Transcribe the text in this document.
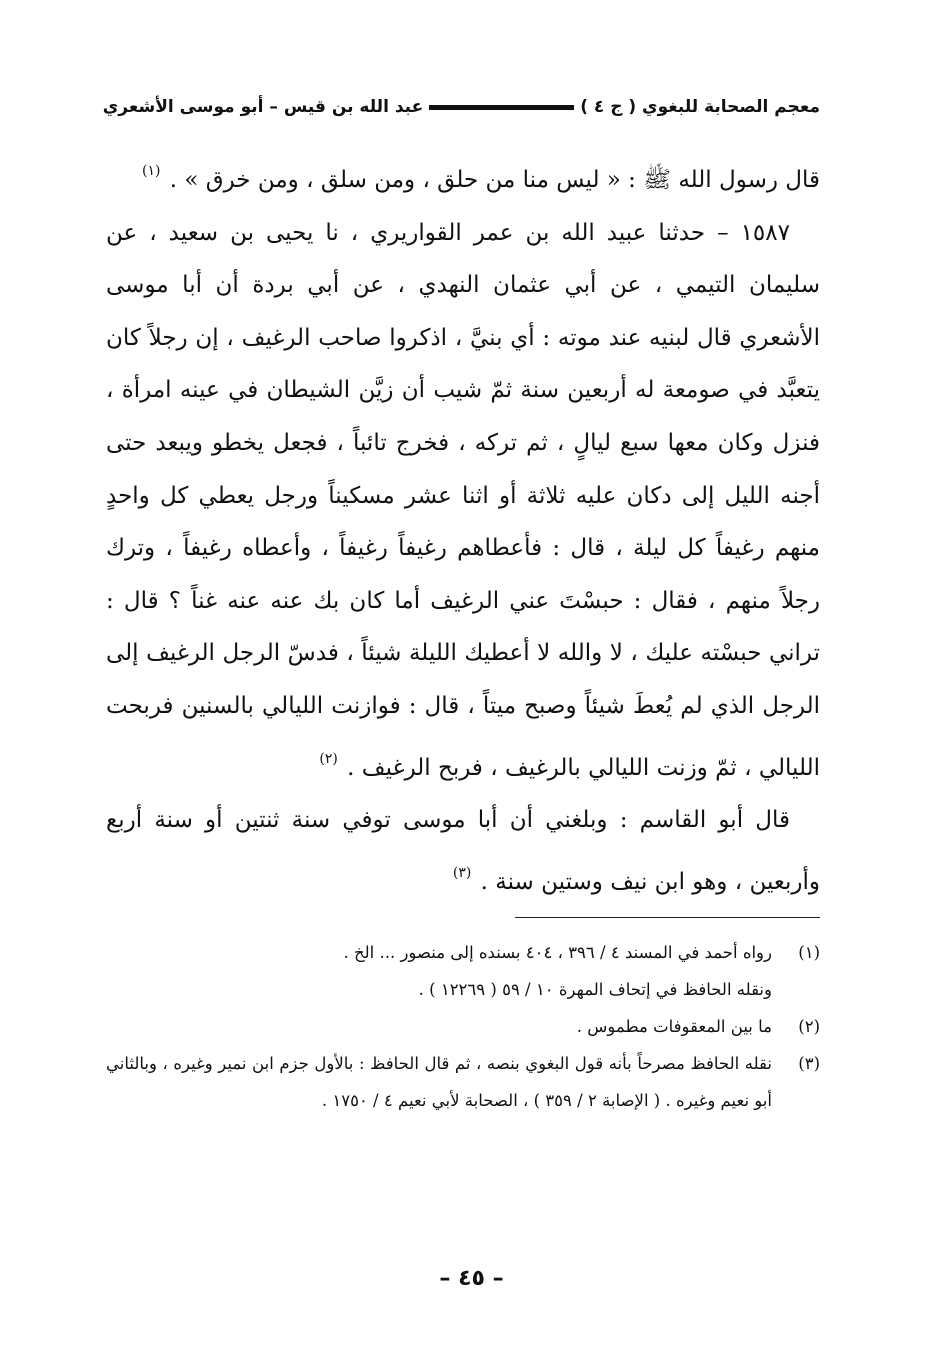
معجم الصحابة للبغوي ( ج ٤ )
عبد الله بن قيس – أبو موسى الأشعري

قال رسول الله ﷺ : « ليس منا من حلق ، ومن سلق ، ومن خرق » . $^{(١)}$

١٥٨٧ – حدثنا عبيد الله بن عمر القواريري ، نا يحيى بن سعيد ، عن سليمان التيمي ، عن أبي عثمان النهدي ، عن أبي بردة أن أبا موسى الأشعري قال لبنيه عند موته : أي بنيَّ ، اذكروا صاحب الرغيف ، إن رجلاً كان يتعبَّد في صومعة له أربعين سنة ثمّ شيب أن زيَّن الشيطان في عينه امرأة ، فنزل وكان معها سبع ليالٍ ، ثم تركه ، فخرج تائباً ، فجعل يخطو ويبعد حتى أجنه الليل إلى دكان عليه ثلاثة أو اثنا عشر مسكيناً ورجل يعطي كل واحدٍ منهم رغيفاً كل ليلة ، قال : فأعطاهم رغيفاً رغيفاً ، وأعطاه رغيفاً ، وترك رجلاً منهم ، فقال : حبسْتَ عني الرغيف أما كان بك عنه عنه غناً ؟ قال : تراني حبسْته عليك ، لا والله لا أعطيك الليلة شيئاً ، فدسّ الرجل الرغيف إلى الرجل الذي لم يُعطَ شيئاً وصبح ميتاً ، قال : فوازنت الليالي بالسنين فربحت الليالي ، ثمّ وزنت الليالي بالرغيف ، فربح الرغيف . $^{(٢)}$

قال أبو القاسم : وبلغني أن أبا موسى توفي سنة ثنتين أو سنة أربع وأربعين ، وهو ابن نيف وستين سنة . $^{(٣)}$

(١)
رواه أحمد في المسند ٤ / ٣٩٦ ، ٤٠٤ بسنده إلى منصور ... الخ .
ونقله الحافظ في إتحاف المهرة ١٠ / ٥٩ ( ١٢٢٦٩ ) .
(٢)
ما بين المعقوفات مطموس .
(٣)
نقله الحافظ مصرحاً بأنه قول البغوي بنصه ، ثم قال الحافظ : بالأول جزم ابن نمير وغيره ، وبالثاني أبو نعيم وغيره . ( الإصابة ٢ / ٣٥٩ ) ، الصحابة لأبي نعيم ٤ / ١٧٥٠ .
– ٤٥ –
